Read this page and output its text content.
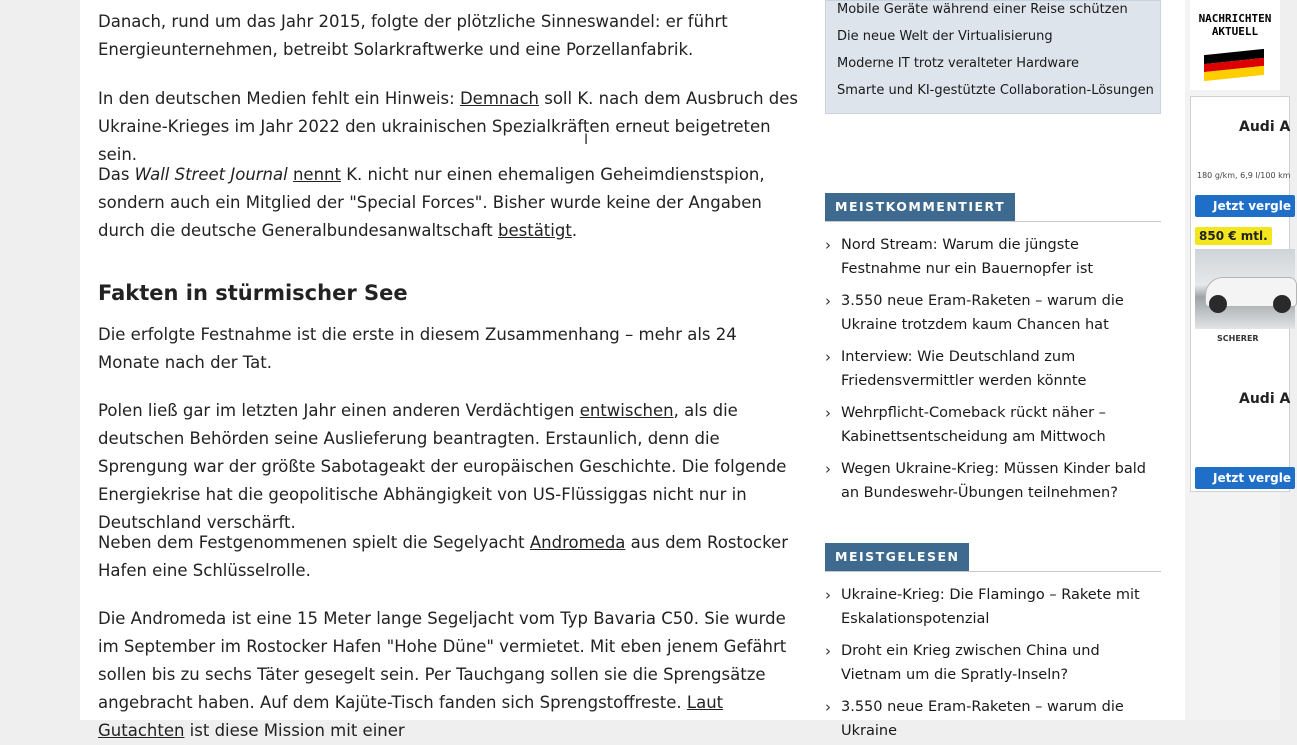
Danach, rund um das Jahr 2015, folgte der plötzliche Sinneswandel: er führt Energieunternehmen, betreibt Solarkraftwerke und eine Porzellanfabrik.

In den deutschen Medien fehlt ein Hinweis: Demnach soll K. nach dem Ausbruch des Ukraine-Krieges im Jahr 2022 den ukrainischen Spezialkräften erneut beigetreten sein.

Das Wall Street Journal nennt K. nicht nur einen ehemaligen Geheimdienstspion, sondern auch ein Mitglied der "Special Forces". Bisher wurde keine der Angaben durch die deutsche Generalbundesanwaltschaft bestätigt.

Fakten in stürmischer See

Die erfolgte Festnahme ist die erste in diesem Zusammenhang – mehr als 24 Monate nach der Tat.

Polen ließ gar im letzten Jahr einen anderen Verdächtigen entwischen, als die deutschen Behörden seine Auslieferung beantragten. Erstaunlich, denn die Sprengung war der größte Sabotageakt der europäischen Geschichte. Die folgende Energiekrise hat die geopolitische Abhängigkeit von US-Flüssiggas nicht nur in Deutschland verschärft.

Neben dem Festgenommenen spielt die Segelyacht Andromeda aus dem Rostocker Hafen eine Schlüsselrolle.

Die Andromeda ist eine 15 Meter lange Segeljacht vom Typ Bavaria C50. Sie wurde im September im Rostocker Hafen "Hohe Düne" vermietet. Mit eben jenem Gefährt sollen bis zu sechs Täter gesegelt sein. Per Tauchgang sollen sie die Sprengsätze angebracht haben. Auf dem Kajüte-Tisch fanden sich Sprengstoffreste. Laut Gutachten ist diese Mission mit einer

I
Mobile Geräte während einer Reise schützen
Die neue Welt der Virtualisierung
Moderne IT trotz veralteter Hardware
Smarte und KI-gestützte Collaboration-Lösungen
MEISTKOMMENTIERT
› Nord Stream: Warum die jüngste Festnahme nur ein Bauernopfer ist
› 3.550 neue Eram-Raketen – warum die Ukraine trotzdem kaum Chancen hat
› Interview: Wie Deutschland zum Friedensvermittler werden könnte
› Wehrpflicht-Comeback rückt näher – Kabinettsentscheidung am Mittwoch
› Wegen Ukraine-Krieg: Müssen Kinder bald an Bundeswehr-Übungen teilnehmen?
MEISTGELESEN
› Ukraine-Krieg: Die Flamingo – Rakete mit Eskalationspotenzial
› Droht ein Krieg zwischen China und Vietnam um die Spratly-Inseln?
› 3.550 neue Eram-Raketen – warum die Ukraine
NACHRICHTEN
AKTUELL
Audi A
180 g/km, 6,9 l/100 km
Jetzt vergle
850 € mtl.
SCHERER
Audi A
Jetzt vergle
